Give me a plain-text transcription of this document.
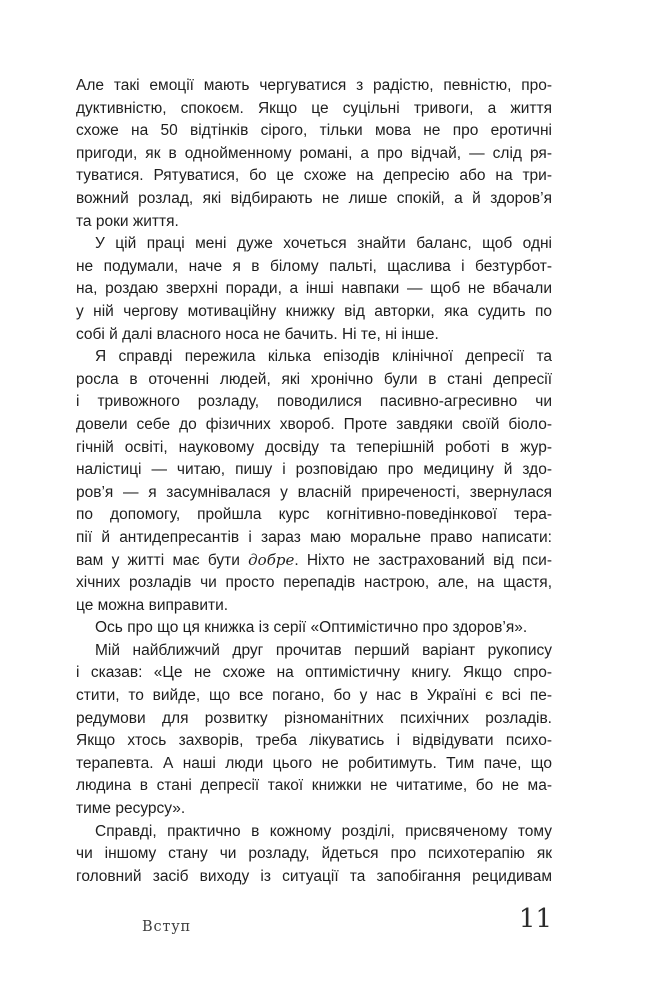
Але такі емоції мають чергуватися з радістю, певністю, про-
дуктивністю, спокоєм. Якщо це суцільні тривоги, а життя
схоже на 50 відтінків сірого, тільки мова не про еротичні
пригоди, як в однойменному романі, а про відчай, — слід ря-
туватися. Рятуватися, бо це схоже на депресію або на три-
вожний розлад, які відбирають не лише спокій, а й здоров’я
та роки життя.

У цій праці мені дуже хочеться знайти баланс, щоб одні
не подумали, наче я в білому пальті, щаслива і безтурбот-
на, роздаю зверхні поради, а інші навпаки — щоб не вбачали
у ній чергову мотиваційну книжку від авторки, яка судить по
собі й далі власного носа не бачить. Ні те, ні інше.

Я справді пережила кілька епізодів клінічної депресії та
росла в оточенні людей, які хронічно були в стані депресії
і тривожного розладу, поводилися пасивно-агресивно чи
довели себе до фізичних хвороб. Проте завдяки своїй біоло-
гічній освіті, науковому досвіду та теперішній роботі в жур-
налістиці — читаю, пишу і розповідаю про медицину й здо-
ров’я — я засумнівалася у власній приреченості, звернулася
по допомогу, пройшла курс когнітивно-поведінкової тера-
пії й антидепресантів і зараз маю моральне право написати:
вам у житті має бути добре. Ніхто не застрахований від пси-
хічних розладів чи просто перепадів настрою, але, на щастя,
це можна виправити.

Ось про що ця книжка із серії «Оптимістично про здоров’я».

Мій найближчий друг прочитав перший варіант рукопису
і сказав: «Це не схоже на оптимістичну книгу. Якщо спро-
стити, то вийде, що все погано, бо у нас в Україні є всі пе-
редумови для розвитку різноманітних психічних розладів.
Якщо хтось захворів, треба лікуватись і відвідувати психо-
терапевта. А наші люди цього не робитимуть. Тим паче, що
людина в стані депресії такої книжки не читатиме, бо не ма-
тиме ресурсу».

Справді, практично в кожному розділі, присвяченому тому
чи іншому стану чи розладу, йдеться про психотерапію як
головний засіб виходу із ситуації та запобігання рецидивам

Вступ	11
